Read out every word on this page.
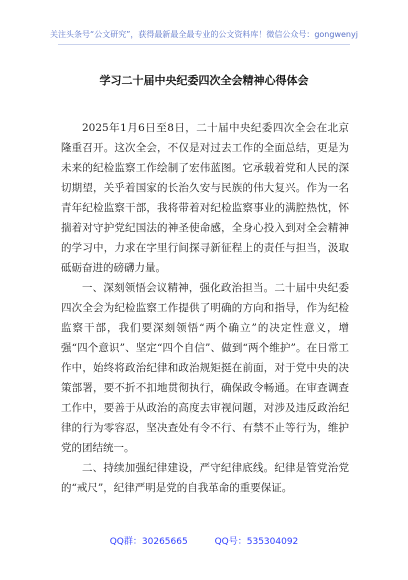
关注头条号“公文研究”，获得最新最全最专业的公文资料库！微信公众号：gongwenyj
学习二十届中央纪委四次全会精神心得体会

2025年1月6日至8日，二十届中央纪委四次全会在北京隆重召开。这次全会，不仅是对过去工作的全面总结，更是为未来的纪检监察工作绘制了宏伟蓝图。它承载着党和人民的深切期望，关乎着国家的长治久安与民族的伟大复兴。作为一名青年纪检监察干部，我将带着对纪检监察事业的满腔热忱，怀揣着对守护党纪国法的神圣使命感，全身心投入到对全会精神的学习中，力求在字里行间探寻新征程上的责任与担当，汲取砥砺奋进的磅礴力量。

一、深刻领悟会议精神，强化政治担当。二十届中央纪委四次全会为纪检监察工作提供了明确的方向和指导，作为纪检监察干部，我们要深刻领悟“两个确立”的决定性意义，增强“四个意识”、坚定“四个自信”、做到“两个维护”。在日常工作中，始终将政治纪律和政治规矩挺在前面，对于党中央的决策部署，要不折不扣地贯彻执行，确保政令畅通。在审查调查工作中，要善于从政治的高度去审视问题，对涉及违反政治纪律的行为零容忍，坚决查处有令不行、有禁不止等行为，维护党的团结统一。

二、持续加强纪律建设，严守纪律底线。纪律是管党治党的“戒尺”，纪律严明是党的自我革命的重要保证。

QQ群：30265665	QQ号：535304092
